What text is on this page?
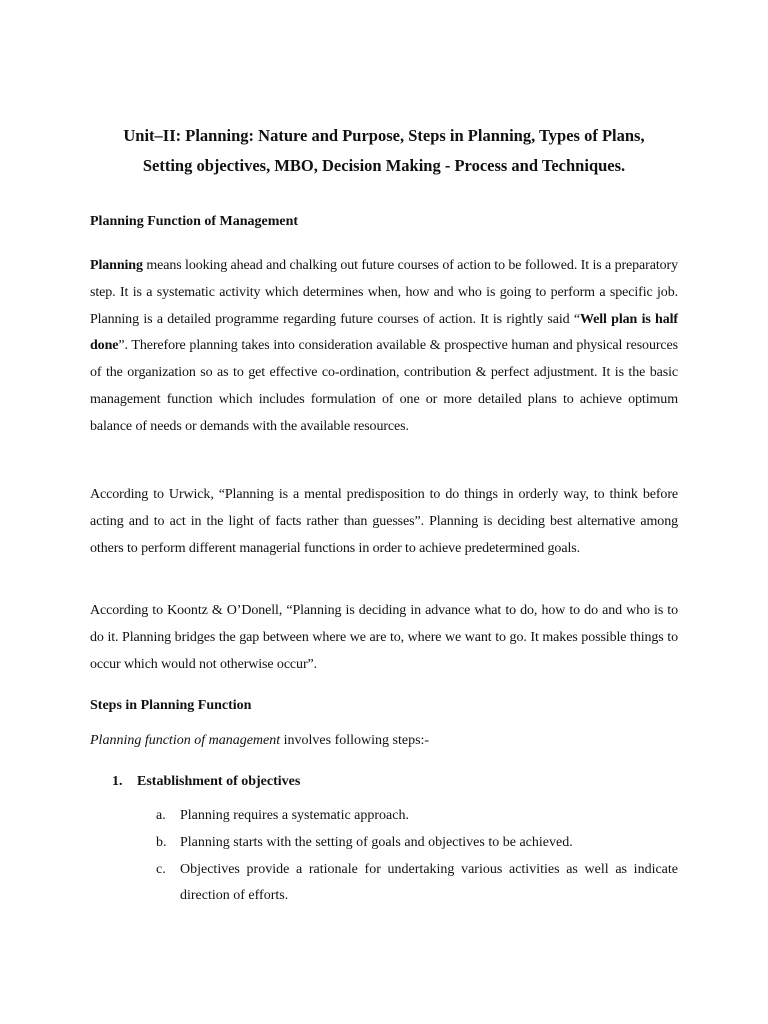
Unit–II: Planning: Nature and Purpose, Steps in Planning, Types of Plans,
Setting objectives, MBO, Decision Making - Process and Techniques.
Planning Function of Management

Planning means looking ahead and chalking out future courses of action to be followed. It is a preparatory step. It is a systematic activity which determines when, how and who is going to perform a specific job. Planning is a detailed programme regarding future courses of action. It is rightly said “Well plan is half done”. Therefore planning takes into consideration available & prospective human and physical resources of the organization so as to get effective co-ordination, contribution & perfect adjustment. It is the basic management function which includes formulation of one or more detailed plans to achieve optimum balance of needs or demands with the available resources.

According to Urwick, “Planning is a mental predisposition to do things in orderly way, to think before acting and to act in the light of facts rather than guesses”. Planning is deciding best alternative among others to perform different managerial functions in order to achieve predetermined goals.

According to Koontz & O’Donell, “Planning is deciding in advance what to do, how to do and who is to do it. Planning bridges the gap between where we are to, where we want to go. It makes possible things to occur which would not otherwise occur”.

Steps in Planning Function

Planning function of management involves following steps:-

1. Establishment of objectives

a. Planning requires a systematic approach.
b. Planning starts with the setting of goals and objectives to be achieved.
c. Objectives provide a rationale for undertaking various activities as well as indicate direction of efforts.
